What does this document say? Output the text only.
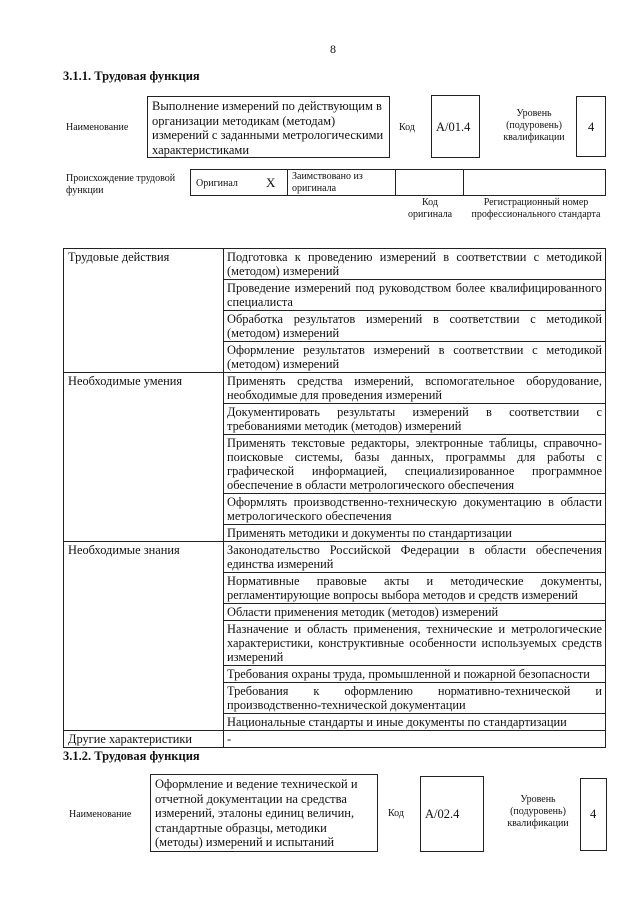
8
3.1.1. Трудовая функция
Наименование
Выполнение измерений по действующим в организации методикам (методам) измерений с заданными метрологическими характеристиками
Код A/01.4
Уровень (подуровень) квалификации
4
Происхождение трудовой функции
Оригинал X Заимствовано из оригинала
Код оригинала
Регистрационный номер профессионального стандарта
Трудовые действия	Подготовка к проведению измерений в соответствии с методикой (методом) измерений
	Проведение измерений под руководством более квалифицированного специалиста
	Обработка результатов измерений в соответствии с методикой (методом) измерений
	Оформление результатов измерений в соответствии с методикой (методом) измерений
Необходимые умения	Применять средства измерений, вспомогательное оборудование, необходимые для проведения измерений
	Документировать результаты измерений в соответствии с требованиями методик (методов) измерений
	Применять текстовые редакторы, электронные таблицы, справочно-поисковые системы, базы данных, программы для работы с графической информацией, специализированное программное обеспечение в области метрологического обеспечения
	Оформлять производственно-техническую документацию в области метрологического обеспечения
	Применять методики и документы по стандартизации
Необходимые знания	Законодательство Российской Федерации в области обеспечения единства измерений
	Нормативные правовые акты и методические документы, регламентирующие вопросы выбора методов и средств измерений
	Области применения методик (методов) измерений
	Назначение и область применения, технические и метрологические характеристики, конструктивные особенности используемых средств измерений
	Требования охраны труда, промышленной и пожарной безопасности
	Требования к оформлению нормативно-технической и производственно-технической документации
	Национальные стандарты и иные документы по стандартизации
Другие характеристики	-
3.1.2. Трудовая функция
Наименование
Оформление и ведение технической и отчетной документации на средства измерений, эталоны единиц величин, стандартные образцы, методики (методы) измерений и испытаний
Код A/02.4
Уровень (подуровень) квалификации
4
